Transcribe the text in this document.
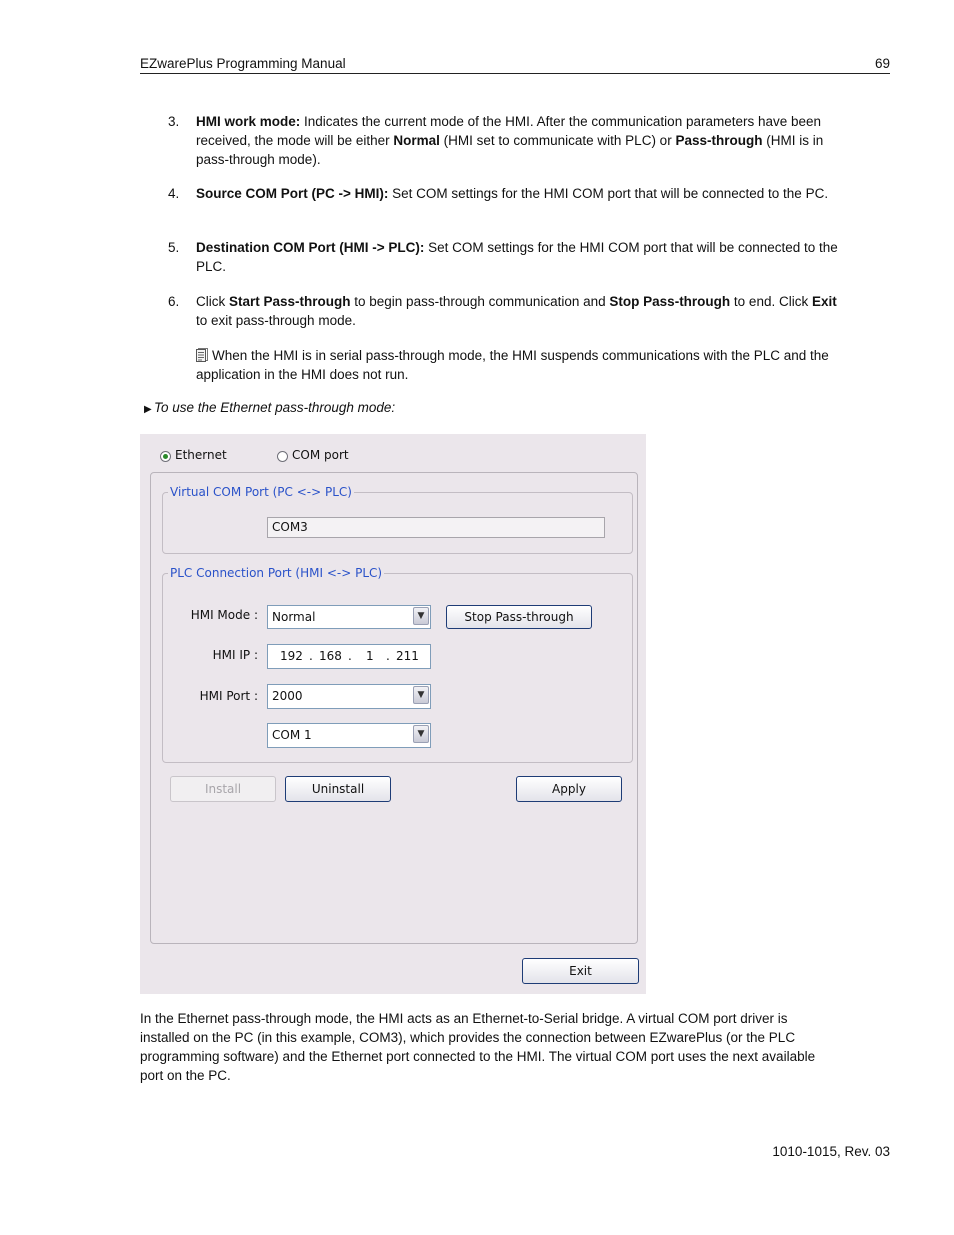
EZwarePlus Programming Manual	69
3. HMI work mode: Indicates the current mode of the HMI. After the communication parameters have been received, the mode will be either Normal (HMI set to communicate with PLC) or Pass-through (HMI is in pass-through mode).
4. Source COM Port (PC -> HMI): Set COM settings for the HMI COM port that will be connected to the PC.
5. Destination COM Port (HMI -> PLC): Set COM settings for the HMI COM port that will be connected to the PLC.
6. Click Start Pass-through to begin pass-through communication and Stop Pass-through to end. Click Exit to exit pass-through mode.
When the HMI is in serial pass-through mode, the HMI suspends communications with the PLC and the application in the HMI does not run.
▶ To use the Ethernet pass-through mode:
Ethernet	COM port
Virtual COM Port (PC <-> PLC)
COM3
PLC Connection Port (HMI <-> PLC)
HMI Mode :	Normal	▼	Stop Pass-through
HMI IP : 192 . 168 . 1 . 211
HMI Port :	2000	▼
COM 1	▼
Install	Uninstall	Apply
Exit
In the Ethernet pass-through mode, the HMI acts as an Ethernet-to-Serial bridge. A virtual COM port driver is installed on the PC (in this example, COM3), which provides the connection between EZwarePlus (or the PLC programming software) and the Ethernet port connected to the HMI. The virtual COM port uses the next available port on the PC.
1010-1015, Rev. 03
